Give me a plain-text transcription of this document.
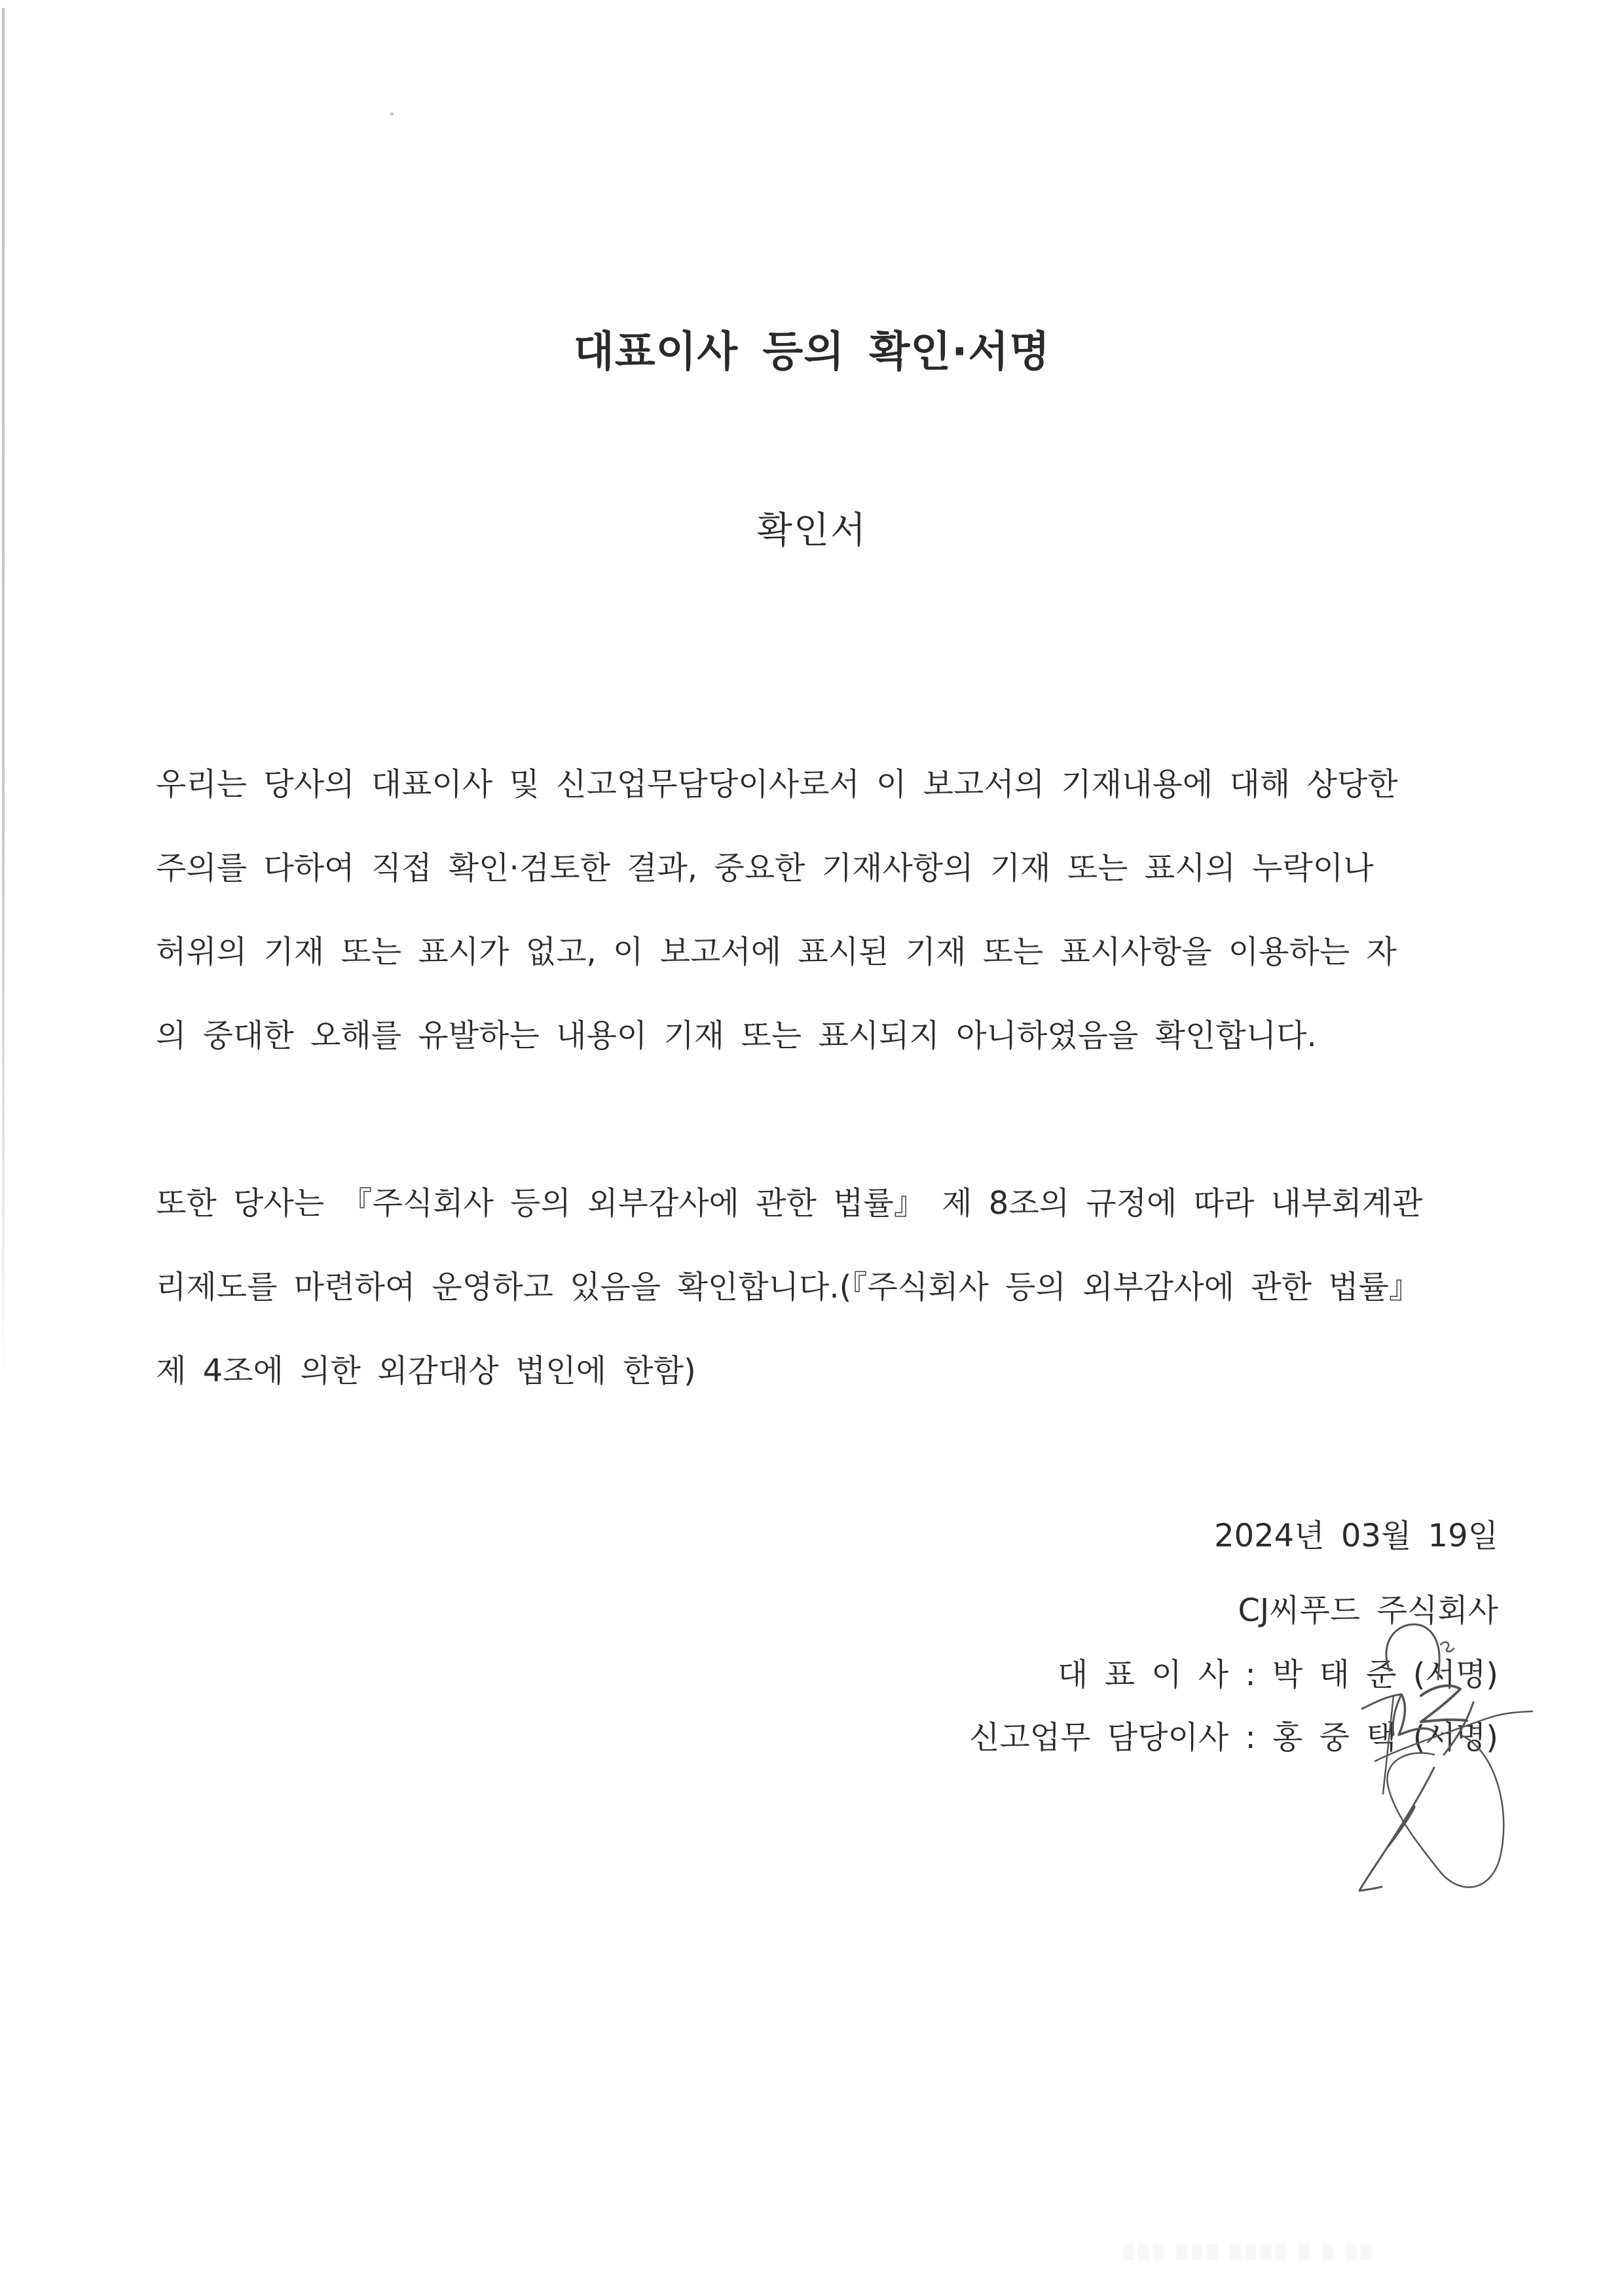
대표이사 등의 확인·서명
확인서
우리는 당사의 대표이사 및 신고업무담당이사로서 이 보고서의 기재내용에 대해 상당한
주의를 다하여 직접 확인·검토한 결과, 중요한 기재사항의 기재 또는 표시의 누락이나
허위의 기재 또는 표시가 없고, 이 보고서에 표시된 기재 또는 표시사항을 이용하는 자
의 중대한 오해를 유발하는 내용이 기재 또는 표시되지 아니하였음을 확인합니다.
또한 당사는 『주식회사 등의 외부감사에 관한 법률』 제 8조의 규정에 따라 내부회계관
리제도를 마련하여 운영하고 있음을 확인합니다.(『주식회사 등의 외부감사에 관한 법률』
제 4조에 의한 외감대상 법인에 한함)
2024년 03월 19일
CJ씨푸드 주식회사
대 표 이 사 : 박 태 준 (서명)
신고업무 담당이사 : 홍 중 택 (서명)
▒▒▒ ▒▒▒ ▒▒▒▒ ▒ ▒ ▒▒
